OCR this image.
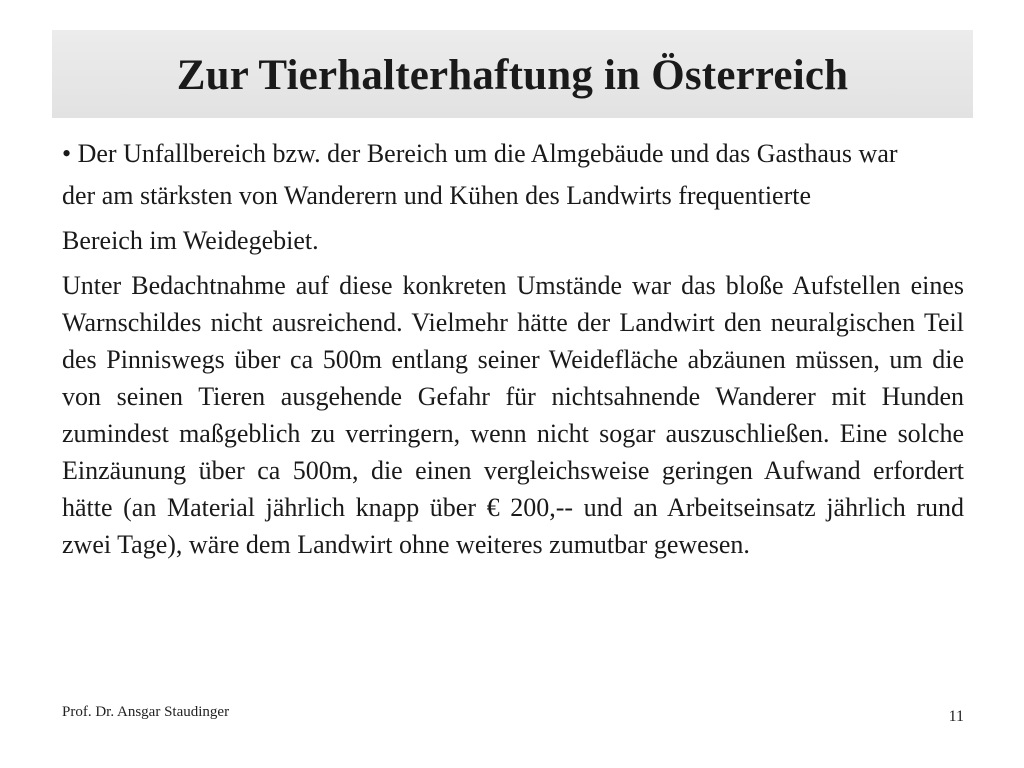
Zur Tierhalterhaftung in Österreich

• Der Unfallbereich bzw. der Bereich um die Almgebäude und das Gasthaus war

der am stärksten von Wanderern und Kühen des Landwirts frequentierte

Bereich im Weidegebiet.

Unter Bedachtnahme auf diese konkreten Umstände war das bloße Aufstellen eines Warnschildes nicht ausreichend. Vielmehr hätte der Landwirt den neuralgischen Teil des Pinniswegs über ca 500m entlang seiner Weidefläche abzäunen müssen, um die von seinen Tieren ausgehende Gefahr für nichtsahnende Wanderer mit Hunden zumindest maßgeblich zu verringern, wenn nicht sogar auszuschließen. Eine solche Einzäunung über ca 500m, die einen vergleichsweise geringen Aufwand erfordert hätte (an Material jährlich knapp über € 200,-- und an Arbeitseinsatz jährlich rund zwei Tage), wäre dem Landwirt ohne weiteres zumutbar gewesen.

Prof. Dr. Ansgar Staudinger	11
